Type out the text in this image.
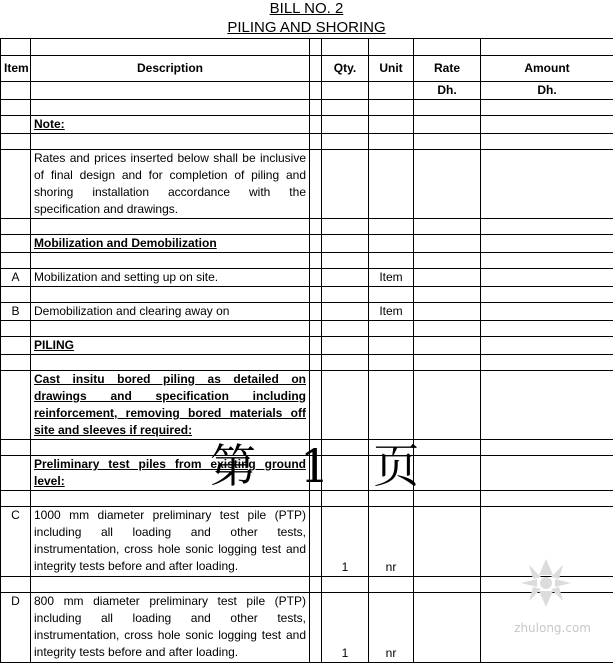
BILL NO. 2
PILING AND SHORING

Item	Description		Qty.	Unit	Rate	Amount
					Dh.	Dh.

	Note:					

	Rates and prices inserted below shall be inclusive of final design and for completion of piling and shoring installation accordance with the specification and drawings.					

	Mobilization and Demobilization					

A	Mobilization and setting up on site.			Item		

B	Demobilization and clearing away on			Item		

	PILING					

	Cast insitu bored piling as detailed on drawings and specification including reinforcement, removing bored materials off site and sleeves if required:					

	Preliminary test piles from existing ground level:					

C	1000 mm diameter preliminary test pile (PTP) including all loading and other tests, instrumentation, cross hole sonic logging test and integrity tests before and after loading.		1	nr		

D	800 mm diameter preliminary test pile (PTP) including all loading and other tests, instrumentation, cross hole sonic logging test and integrity tests before and after loading.		1	nr		
第 1 页
zhulong.com
